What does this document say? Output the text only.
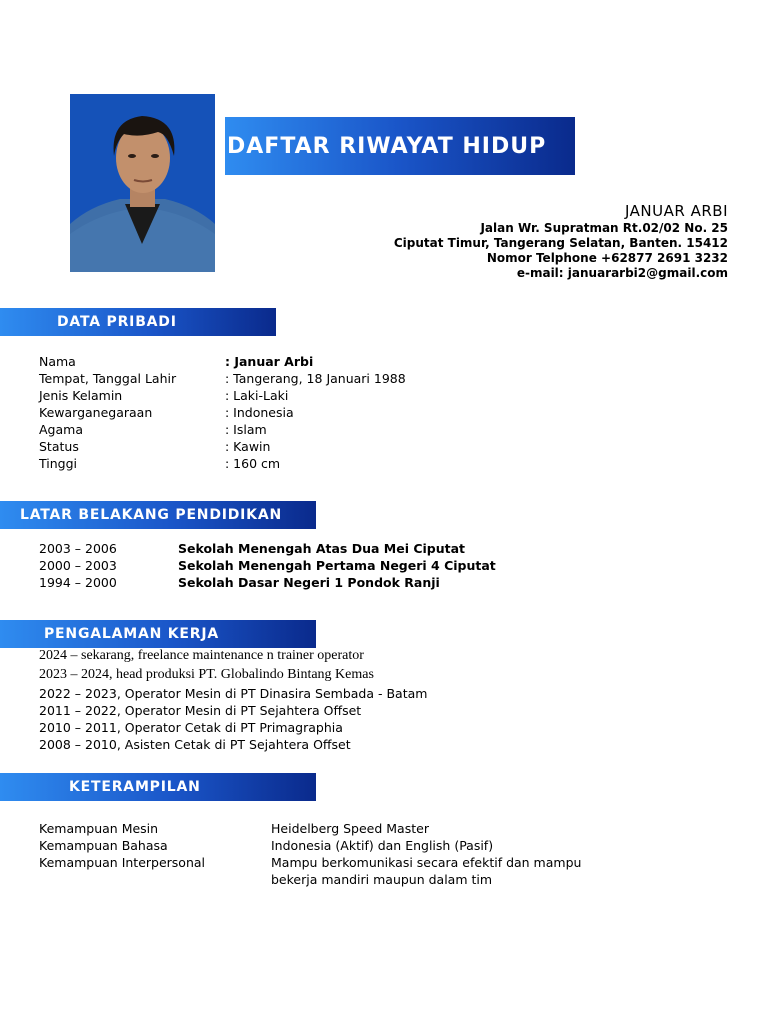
DAFTAR RIWAYAT HIDUP
JANUAR ARBI
Jalan Wr. Supratman Rt.02/02 No. 25
Ciputat Timur, Tangerang Selatan, Banten. 15412
Nomor Telphone +62877 2691 3232
e-mail: januararbi2@gmail.com
DATA PRIBADI
Nama	: Januar Arbi
Tempat, Tanggal Lahir	: Tangerang, 18 Januari 1988
Jenis Kelamin	: Laki-Laki
Kewarganegaraan	: Indonesia
Agama	: Islam
Status	: Kawin
Tinggi	: 160 cm
LATAR BELAKANG PENDIDIKAN
2003 – 2006	Sekolah Menengah Atas Dua Mei Ciputat
2000 – 2003	Sekolah Menengah Pertama Negeri 4 Ciputat
1994 – 2000	Sekolah Dasar Negeri 1 Pondok Ranji
PENGALAMAN KERJA
2024 – sekarang, freelance maintenance n trainer operator
2023 – 2024, head produksi PT. Globalindo Bintang Kemas
2022 – 2023, Operator Mesin di PT Dinasira Sembada - Batam
2011 – 2022, Operator Mesin di PT Sejahtera Offset
2010 – 2011, Operator Cetak di PT Primagraphia
2008 – 2010, Asisten Cetak di PT Sejahtera Offset
KETERAMPILAN
Kemampuan Mesin	Heidelberg Speed Master
Kemampuan Bahasa	Indonesia (Aktif) dan English (Pasif)
Kemampuan Interpersonal	Mampu berkomunikasi secara efektif dan mampu
bekerja mandiri maupun dalam tim
